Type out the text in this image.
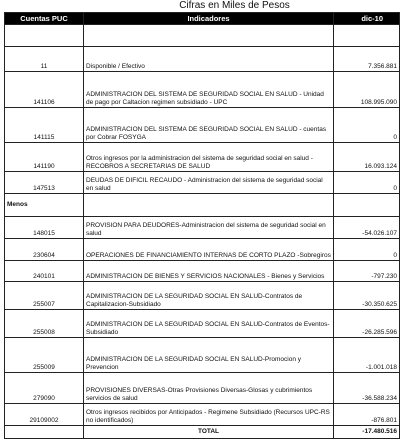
Cifras en Miles de Pesos
Cuentas PUC	Indicadores	dic-10

11	Disponible / Efectivo	7.356.881
141106	ADMINISTRACION DEL SISTEMA DE SEGURIDAD SOCIAL EN SALUD - Unidad de pago por Caltacion regimen subsidiado - UPC	108.995.090
141115	ADMINISTRACION DEL SISTEMA DE SEGURIDAD SOCIAL EN SALUD - cuentas por Cobrar FOSYGA	0
141190	Otros ingresos por la administracion del sistema de seguridad social en salud -RECOBROS A SECRETARIAS DE SALUD	16.093.124
147513	DEUDAS DE DIFICIL RECAUDO - Administracion del sistema de seguridad social en salud	0
Menos		
148015	PROVISION PARA DEUDORES-Administracion del sistema de seguridad social en salud	-54.026.107
230604	OPERACIONES DE FINANCIAMIENTO INTERNAS DE CORTO PLAZO -Sobregiros	0
240101	ADMINISTRACION DE BIENES Y SERVICIOS NACIONALES - Bienes y Servicios	-797.230
255007	ADMINISTRACION DE LA SEGURIDAD SOCIAL EN SALUD-Contratos de Capitalizacion-Subsidiado	-30.350.625
255008	ADMINISTRACION DE LA SEGURIDAD SOCIAL EN SALUD-Contratos de Eventos-Subsidiado	-26.285.596
255009	ADMINISTRACION DE LA SEGURIDAD SOCIAL EN SALUD-Promocion y Prevencion	-1.001.018
279090	PROVISIONES DIVERSAS-Otras Provisiones Diversas-Glosas y cubrimientos servicios de salud	-36.588.234
29109002	Otros ingresos recibidos por Anticipados - Regimene Subsidiado (Recursos UPC-RS no identificados)	-876.801
	TOTAL	-17.480.516
